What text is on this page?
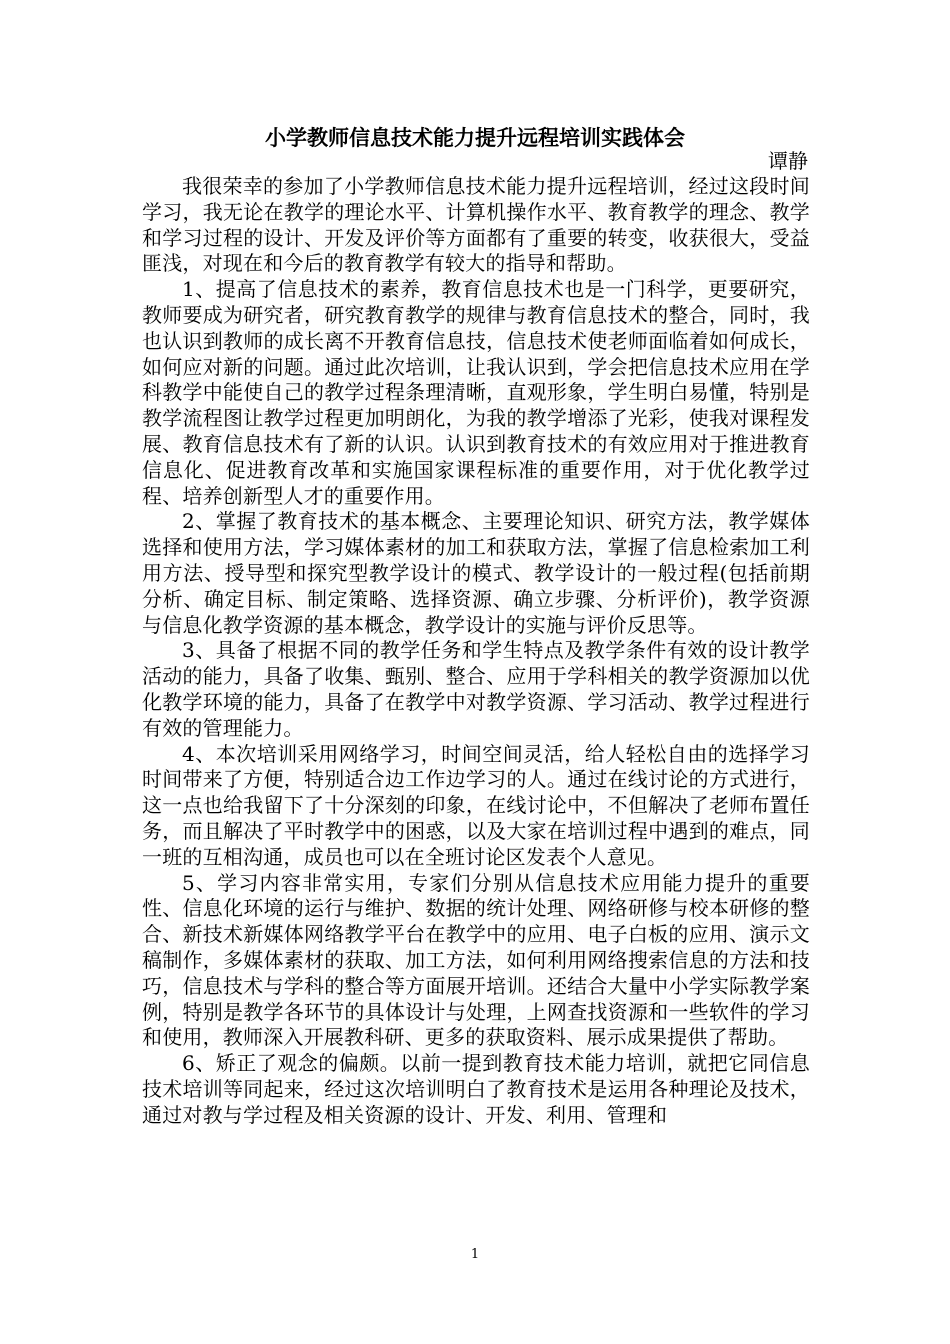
小学教师信息技术能力提升远程培训实践体会
谭静

我很荣幸的参加了小学教师信息技术能力提升远程培训，经过这段时间学习，我无论在教学的理论水平、计算机操作水平、教育教学的理念、教学和学习过程的设计、开发及评价等方面都有了重要的转变，收获很大，受益匪浅，对现在和今后的教育教学有较大的指导和帮助。

1、提高了信息技术的素养，教育信息技术也是一门科学，更要研究，教师要成为研究者，研究教育教学的规律与教育信息技术的整合，同时，我也认识到教师的成长离不开教育信息技，信息技术使老师面临着如何成长，如何应对新的问题。通过此次培训，让我认识到，学会把信息技术应用在学科教学中能使自己的教学过程条理清晰，直观形象，学生明白易懂，特别是教学流程图让教学过程更加明朗化，为我的教学增添了光彩，使我对课程发展、教育信息技术有了新的认识。认识到教育技术的有效应用对于推进教育信息化、促进教育改革和实施国家课程标准的重要作用，对于优化教学过程、培养创新型人才的重要作用。

2、掌握了教育技术的基本概念、主要理论知识、研究方法，教学媒体选择和使用方法，学习媒体素材的加工和获取方法，掌握了信息检索加工利用方法、授导型和探究型教学设计的模式、教学设计的一般过程(包括前期分析、确定目标、制定策略、选择资源、确立步骤、分析评价)，教学资源与信息化教学资源的基本概念，教学设计的实施与评价反思等。

3、具备了根据不同的教学任务和学生特点及教学条件有效的设计教学活动的能力，具备了收集、甄别、整合、应用于学科相关的教学资源加以优化教学环境的能力，具备了在教学中对教学资源、学习活动、教学过程进行有效的管理能力。

4、本次培训采用网络学习，时间空间灵活，给人轻松自由的选择学习时间带来了方便，特别适合边工作边学习的人。通过在线讨论的方式进行，这一点也给我留下了十分深刻的印象，在线讨论中，不但解决了老师布置任务，而且解决了平时教学中的困惑，以及大家在培训过程中遇到的难点，同一班的互相沟通，成员也可以在全班讨论区发表个人意见。

5、学习内容非常实用，专家们分别从信息技术应用能力提升的重要性、信息化环境的运行与维护、数据的统计处理、网络研修与校本研修的整合、新技术新媒体网络教学平台在教学中的应用、电子白板的应用、演示文稿制作，多媒体素材的获取、加工方法，如何利用网络搜索信息的方法和技巧，信息技术与学科的整合等方面展开培训。还结合大量中小学实际教学案例，特别是教学各环节的具体设计与处理，上网查找资源和一些软件的学习和使用，教师深入开展教科研、更多的获取资料、展示成果提供了帮助。

6、矫正了观念的偏颇。以前一提到教育技术能力培训，就把它同信息技术培训等同起来，经过这次培训明白了教育技术是运用各种理论及技术，通过对教与学过程及相关资源的设计、开发、利用、管理和

1
